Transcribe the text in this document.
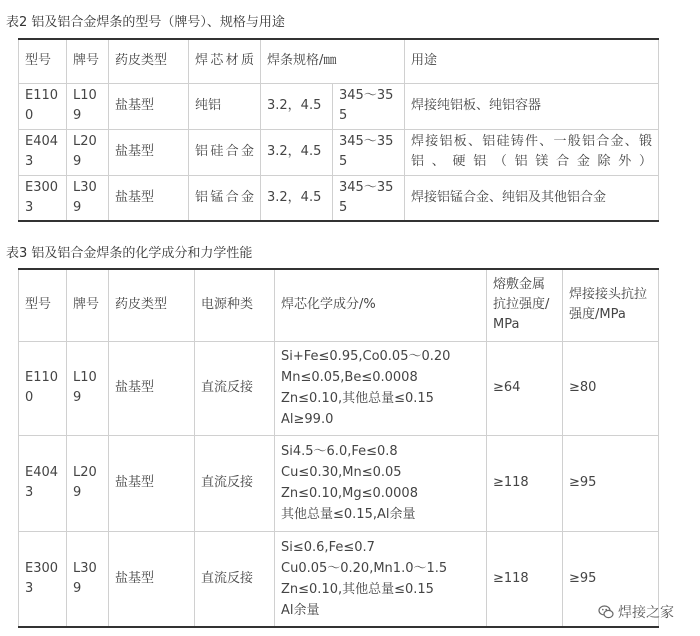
表2 铝及铝合金焊条的型号（牌号）、规格与用途
型号	牌号	药皮类型	焊芯材质	焊条规格/㎜		用途
E1100	L109	盐基型	纯铝	3.2，4.5	345～355	焊接纯铝板、纯铝容器
E4043	L209	盐基型	铝硅合金	3.2，4.5	345～355	焊接铝板、铝硅铸件、一般铝合金、锻铝、硬铝（铝镁合金除外）
E3003	L309	盐基型	铝锰合金	3.2，4.5	345～355	焊接铝锰合金、纯铝及其他铝合金
表3 铝及铝合金焊条的化学成分和力学性能
型号	牌号	药皮类型	电源种类	焊芯化学成分/%	熔敷金属抗拉强度/MPa	焊接接头抗拉强度/MPa
E1100	L109	盐基型	直流反接	Si+Fe≤0.95,Co0.05～0.20
Mn≤0.05,Be≤0.0008
Zn≤0.10,其他总量≤0.15
Al≥99.0	≥64	≥80
E4043	L209	盐基型	直流反接	Si4.5～6.0,Fe≤0.8
Cu≤0.30,Mn≤0.05
Zn≤0.10,Mg≤0.0008
其他总量≤0.15,Al余量	≥118	≥95
E3003	L309	盐基型	直流反接	Si≤0.6,Fe≤0.7
Cu0.05～0.20,Mn1.0～1.5
Zn≤0.10,其他总量≤0.15
Al余量	≥118	≥95
焊接之家
